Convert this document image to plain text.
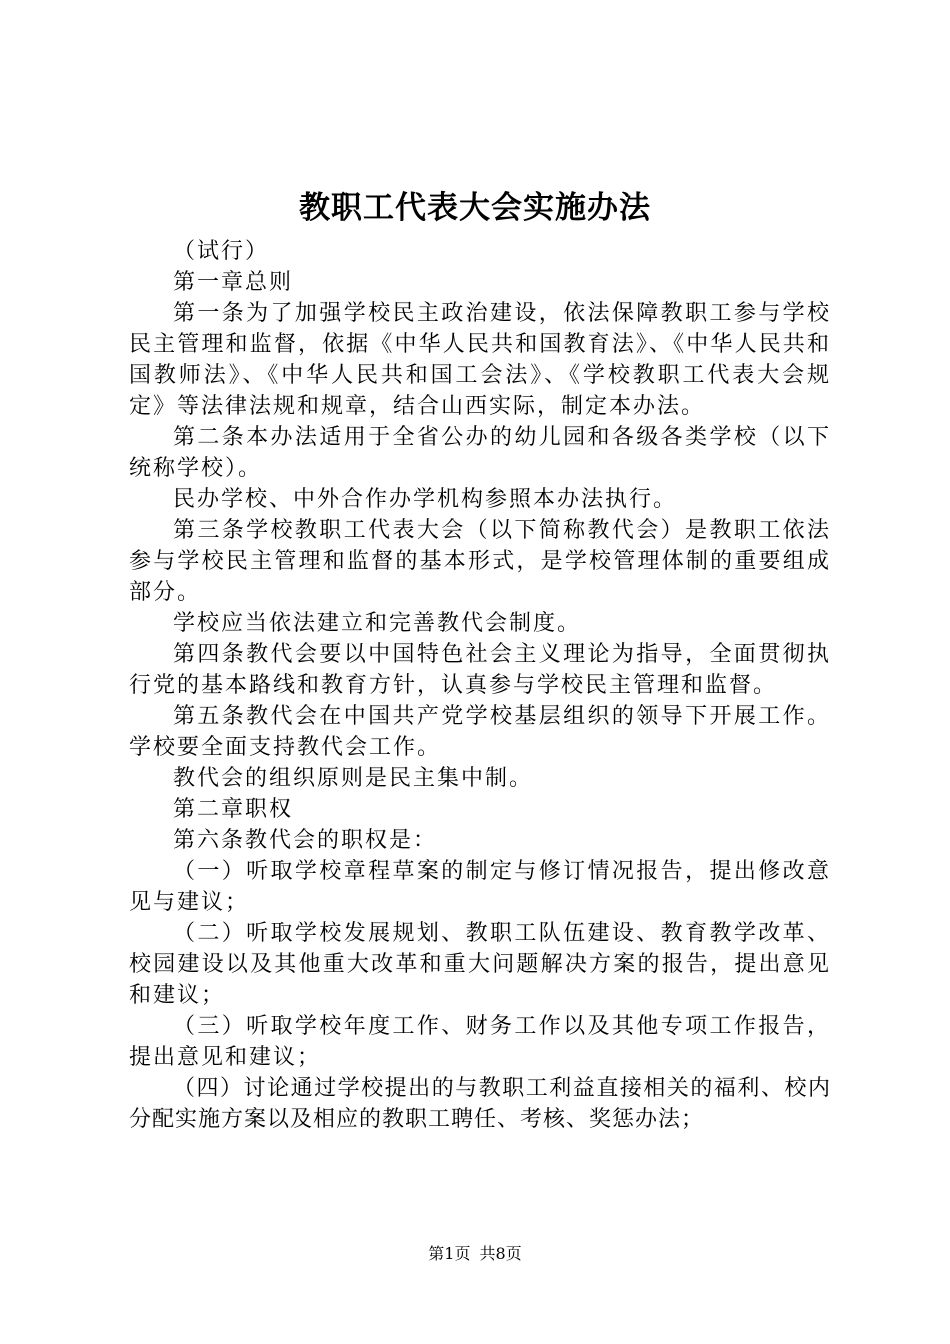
教职工代表大会实施办法

（试行）

第一章总则

第一条为了加强学校民主政治建设，依法保障教职工参与学校民主管理和监督，依据《中华人民共和国教育法》、《中华人民共和国教师法》、《中华人民共和国工会法》、《学校教职工代表大会规定》等法律法规和规章，结合山西实际，制定本办法。

第二条本办法适用于全省公办的幼儿园和各级各类学校（以下统称学校）。

民办学校、中外合作办学机构参照本办法执行。

第三条学校教职工代表大会（以下简称教代会）是教职工依法参与学校民主管理和监督的基本形式，是学校管理体制的重要组成部分。

学校应当依法建立和完善教代会制度。

第四条教代会要以中国特色社会主义理论为指导，全面贯彻执行党的基本路线和教育方针，认真参与学校民主管理和监督。

第五条教代会在中国共产党学校基层组织的领导下开展工作。学校要全面支持教代会工作。

教代会的组织原则是民主集中制。

第二章职权

第六条教代会的职权是：

（一）听取学校章程草案的制定与修订情况报告，提出修改意见与建议；

（二）听取学校发展规划、教职工队伍建设、教育教学改革、校园建设以及其他重大改革和重大问题解决方案的报告，提出意见和建议；

（三）听取学校年度工作、财务工作以及其他专项工作报告，提出意见和建议；

（四）讨论通过学校提出的与教职工利益直接相关的福利、校内分配实施方案以及相应的教职工聘任、考核、奖惩办法；

第1页 共8页
